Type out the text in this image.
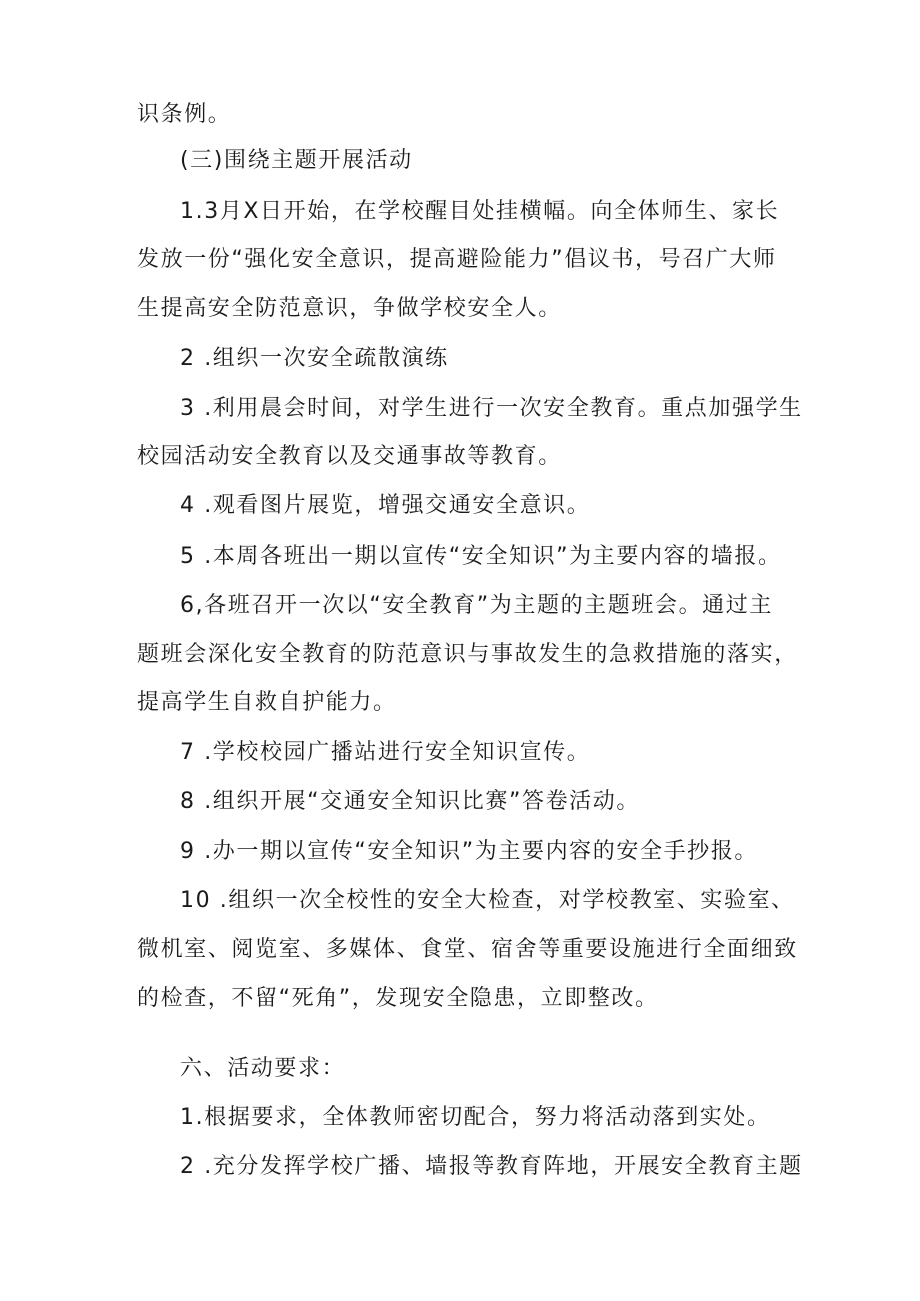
识条例。

(三)围绕主题开展活动

1.3月X日开始，在学校醒目处挂横幅。向全体师生、家长

发放一份“强化安全意识，提高避险能力”倡议书，号召广大师

生提高安全防范意识，争做学校安全人。

2 .组织一次安全疏散演练

3 .利用晨会时间，对学生进行一次安全教育。重点加强学生

校园活动安全教育以及交通事故等教育。

4 .观看图片展览，增强交通安全意识。

5 .本周各班出一期以宣传“安全知识”为主要内容的墙报。

6,各班召开一次以“安全教育”为主题的主题班会。通过主

题班会深化安全教育的防范意识与事故发生的急救措施的落实，

提高学生自救自护能力。

7 .学校校园广播站进行安全知识宣传。

8 .组织开展“交通安全知识比赛”答卷活动。

9 .办一期以宣传“安全知识”为主要内容的安全手抄报。

10 .组织一次全校性的安全大检查，对学校教室、实验室、

微机室、阅览室、多媒体、食堂、宿舍等重要设施进行全面细致

的检查，不留“死角”，发现安全隐患，立即整改。

六、活动要求：

1.根据要求，全体教师密切配合，努力将活动落到实处。

2 .充分发挥学校广播、墙报等教育阵地，开展安全教育主题
